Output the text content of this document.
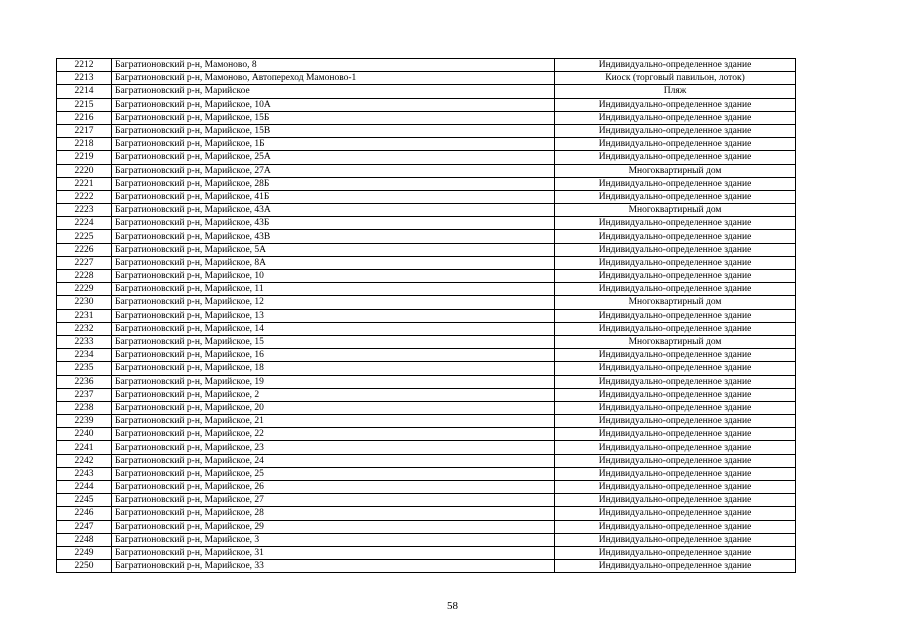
2212	Багратионовский р-н, Мамоново, 8	Индивидуально-определенное здание
2213	Багратионовский р-н, Мамоново, Автопереход Мамоново-1	Киоск (торговый павильон, лоток)
2214	Багратионовский р-н, Марийское	Пляж
2215	Багратионовский р-н, Марийское, 10А	Индивидуально-определенное здание
2216	Багратионовский р-н, Марийское, 15Б	Индивидуально-определенное здание
2217	Багратионовский р-н, Марийское, 15В	Индивидуально-определенное здание
2218	Багратионовский р-н, Марийское, 1Б	Индивидуально-определенное здание
2219	Багратионовский р-н, Марийское, 25А	Индивидуально-определенное здание
2220	Багратионовский р-н, Марийское, 27А	Многоквартирный дом
2221	Багратионовский р-н, Марийское, 28Б	Индивидуально-определенное здание
2222	Багратионовский р-н, Марийское, 41Б	Индивидуально-определенное здание
2223	Багратионовский р-н, Марийское, 43А	Многоквартирный дом
2224	Багратионовский р-н, Марийское, 43Б	Индивидуально-определенное здание
2225	Багратионовский р-н, Марийское, 43В	Индивидуально-определенное здание
2226	Багратионовский р-н, Марийское, 5А	Индивидуально-определенное здание
2227	Багратионовский р-н, Марийское, 8А	Индивидуально-определенное здание
2228	Багратионовский р-н, Марийское, 10	Индивидуально-определенное здание
2229	Багратионовский р-н, Марийское, 11	Индивидуально-определенное здание
2230	Багратионовский р-н, Марийское, 12	Многоквартирный дом
2231	Багратионовский р-н, Марийское, 13	Индивидуально-определенное здание
2232	Багратионовский р-н, Марийское, 14	Индивидуально-определенное здание
2233	Багратионовский р-н, Марийское, 15	Многоквартирный дом
2234	Багратионовский р-н, Марийское, 16	Индивидуально-определенное здание
2235	Багратионовский р-н, Марийское, 18	Индивидуально-определенное здание
2236	Багратионовский р-н, Марийское, 19	Индивидуально-определенное здание
2237	Багратионовский р-н, Марийское, 2	Индивидуально-определенное здание
2238	Багратионовский р-н, Марийское, 20	Индивидуально-определенное здание
2239	Багратионовский р-н, Марийское, 21	Индивидуально-определенное здание
2240	Багратионовский р-н, Марийское, 22	Индивидуально-определенное здание
2241	Багратионовский р-н, Марийское, 23	Индивидуально-определенное здание
2242	Багратионовский р-н, Марийское, 24	Индивидуально-определенное здание
2243	Багратионовский р-н, Марийское, 25	Индивидуально-определенное здание
2244	Багратионовский р-н, Марийское, 26	Индивидуально-определенное здание
2245	Багратионовский р-н, Марийское, 27	Индивидуально-определенное здание
2246	Багратионовский р-н, Марийское, 28	Индивидуально-определенное здание
2247	Багратионовский р-н, Марийское, 29	Индивидуально-определенное здание
2248	Багратионовский р-н, Марийское, 3	Индивидуально-определенное здание
2249	Багратионовский р-н, Марийское, 31	Индивидуально-определенное здание
2250	Багратионовский р-н, Марийское, 33	Индивидуально-определенное здание
58
